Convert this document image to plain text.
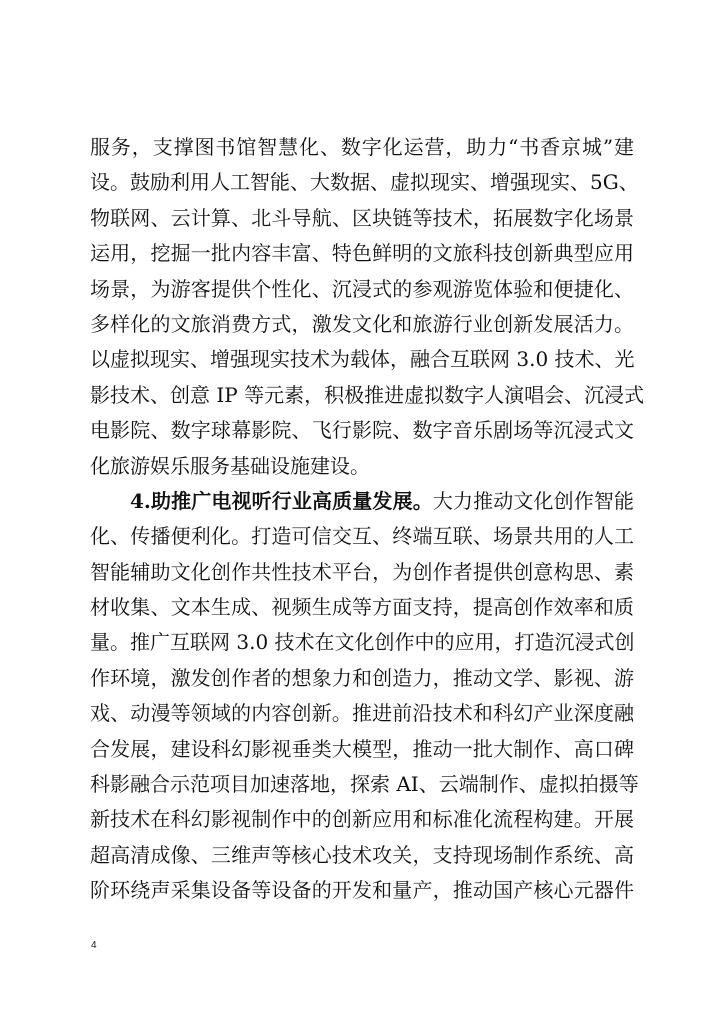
服务，支撑图书馆智慧化、数字化运营，助力“书香京城”建
设。鼓励利用人工智能、大数据、虚拟现实、增强现实、5G、
物联网、云计算、北斗导航、区块链等技术，拓展数字化场景
运用，挖掘一批内容丰富、特色鲜明的文旅科技创新典型应用
场景，为游客提供个性化、沉浸式的参观游览体验和便捷化、
多样化的文旅消费方式，激发文化和旅游行业创新发展活力。
以虚拟现实、增强现实技术为载体，融合互联网 3.0 技术、光
影技术、创意 IP 等元素，积极推进虚拟数字人演唱会、沉浸式
电影院、数字球幕影院、飞行影院、数字音乐剧场等沉浸式文
化旅游娱乐服务基础设施建设。
4.助推广电视听行业高质量发展。大力推动文化创作智能
化、传播便利化。打造可信交互、终端互联、场景共用的人工
智能辅助文化创作共性技术平台，为创作者提供创意构思、素
材收集、文本生成、视频生成等方面支持，提高创作效率和质
量。推广互联网 3.0 技术在文化创作中的应用，打造沉浸式创
作环境，激发创作者的想象力和创造力，推动文学、影视、游
戏、动漫等领域的内容创新。推进前沿技术和科幻产业深度融
合发展，建设科幻影视垂类大模型，推动一批大制作、高口碑
科影融合示范项目加速落地，探索 AI、云端制作、虚拟拍摄等
新技术在科幻影视制作中的创新应用和标准化流程构建。开展
超高清成像、三维声等核心技术攻关，支持现场制作系统、高
阶环绕声采集设备等设备的开发和量产，推动国产核心元器件
4
